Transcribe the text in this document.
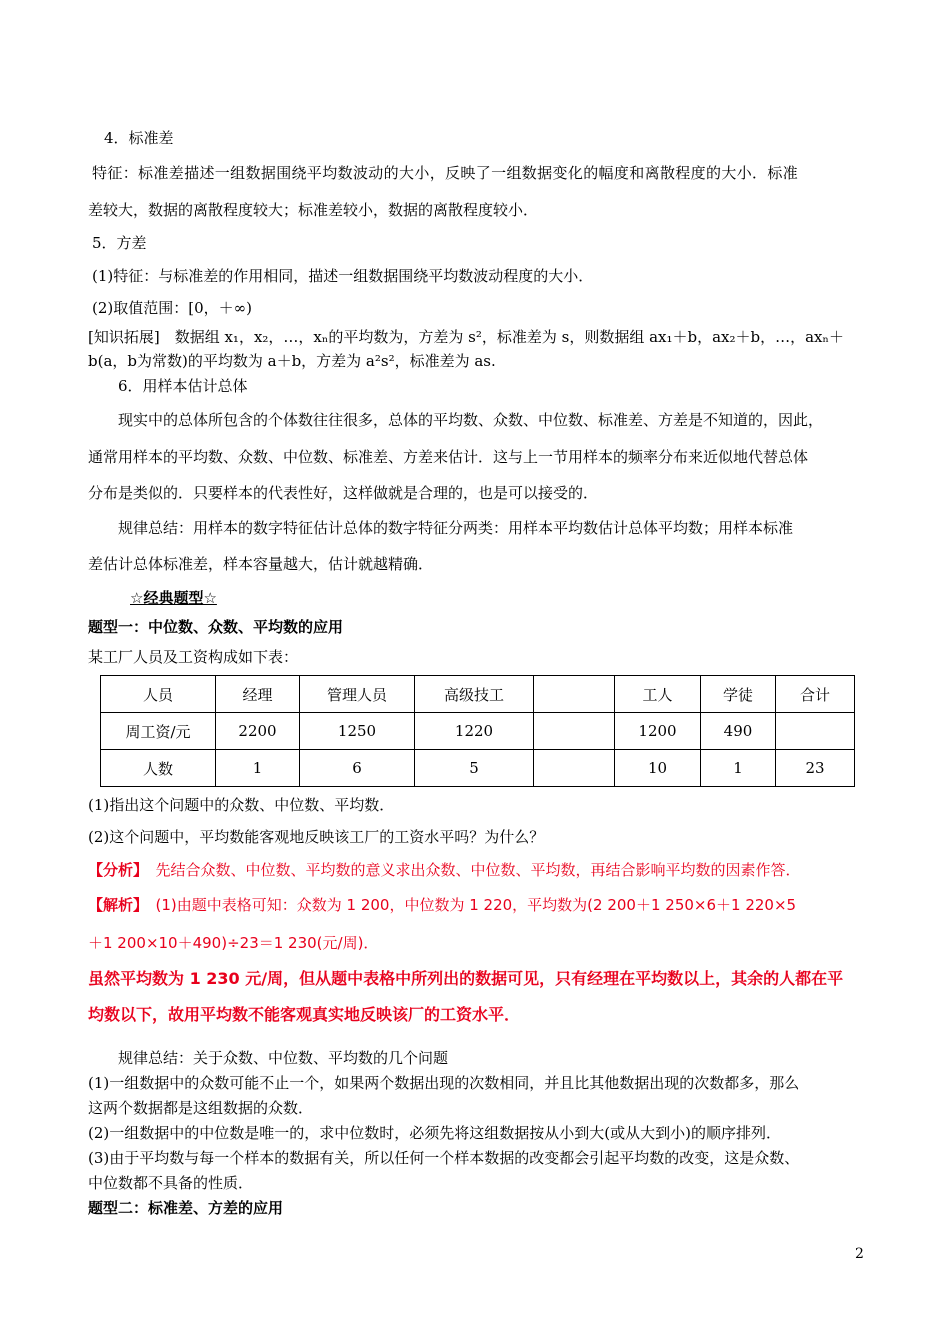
4．标准差
特征：标准差描述一组数据围绕平均数波动的大小，反映了一组数据变化的幅度和离散程度的大小．标准
差较大，数据的离散程度较大；标准差较小，数据的离散程度较小．
5．方差
(1)特征：与标准差的作用相同，描述一组数据围绕平均数波动程度的大小．
(2)取值范围：[0，＋∞)
[知识拓展]　数据组 x₁，x₂，…，xₙ的平均数为，方差为 s²，标准差为 s，则数据组 ax₁＋b，ax₂＋b，…，axₙ＋
b(a，b为常数)的平均数为 a＋b，方差为 a²s²，标准差为 as.
6．用样本估计总体
现实中的总体所包含的个体数往往很多，总体的平均数、众数、中位数、标准差、方差是不知道的，因此，
通常用样本的平均数、众数、中位数、标准差、方差来估计．这与上一节用样本的频率分布来近似地代替总体
分布是类似的．只要样本的代表性好，这样做就是合理的，也是可以接受的．
规律总结：用样本的数字特征估计总体的数字特征分两类：用样本平均数估计总体平均数；用样本标准
差估计总体标准差，样本容量越大，估计就越精确．
☆经典题型☆
题型一：中位数、众数、平均数的应用
某工厂人员及工资构成如下表：
人员	经理	管理人员	高级技工		工人	学徒	合计
周工资/元	2200	1250	1220		1200	490	
人数	1	6	5		10	1	23
(1)指出这个问题中的众数、中位数、平均数．
(2)这个问题中，平均数能客观地反映该工厂的工资水平吗？为什么？
【分析】　先结合众数、中位数、平均数的意义求出众数、中位数、平均数，再结合影响平均数的因素作答．
【解析】　(1)由题中表格可知：众数为 1 200，中位数为 1 220，平均数为(2 200＋1 250×6＋1 220×5
＋1 200×10＋490)÷23＝1 230(元/周)．
虽然平均数为 1 230 元/周，但从题中表格中所列出的数据可见，只有经理在平均数以上，其余的人都在平
均数以下，故用平均数不能客观真实地反映该厂的工资水平．
规律总结：关于众数、中位数、平均数的几个问题
(1)一组数据中的众数可能不止一个，如果两个数据出现的次数相同，并且比其他数据出现的次数都多，那么
这两个数据都是这组数据的众数．
(2)一组数据中的中位数是唯一的，求中位数时，必须先将这组数据按从小到大(或从大到小)的顺序排列．
(3)由于平均数与每一个样本的数据有关，所以任何一个样本数据的改变都会引起平均数的改变，这是众数、
中位数都不具备的性质．
题型二：标准差、方差的应用
2
